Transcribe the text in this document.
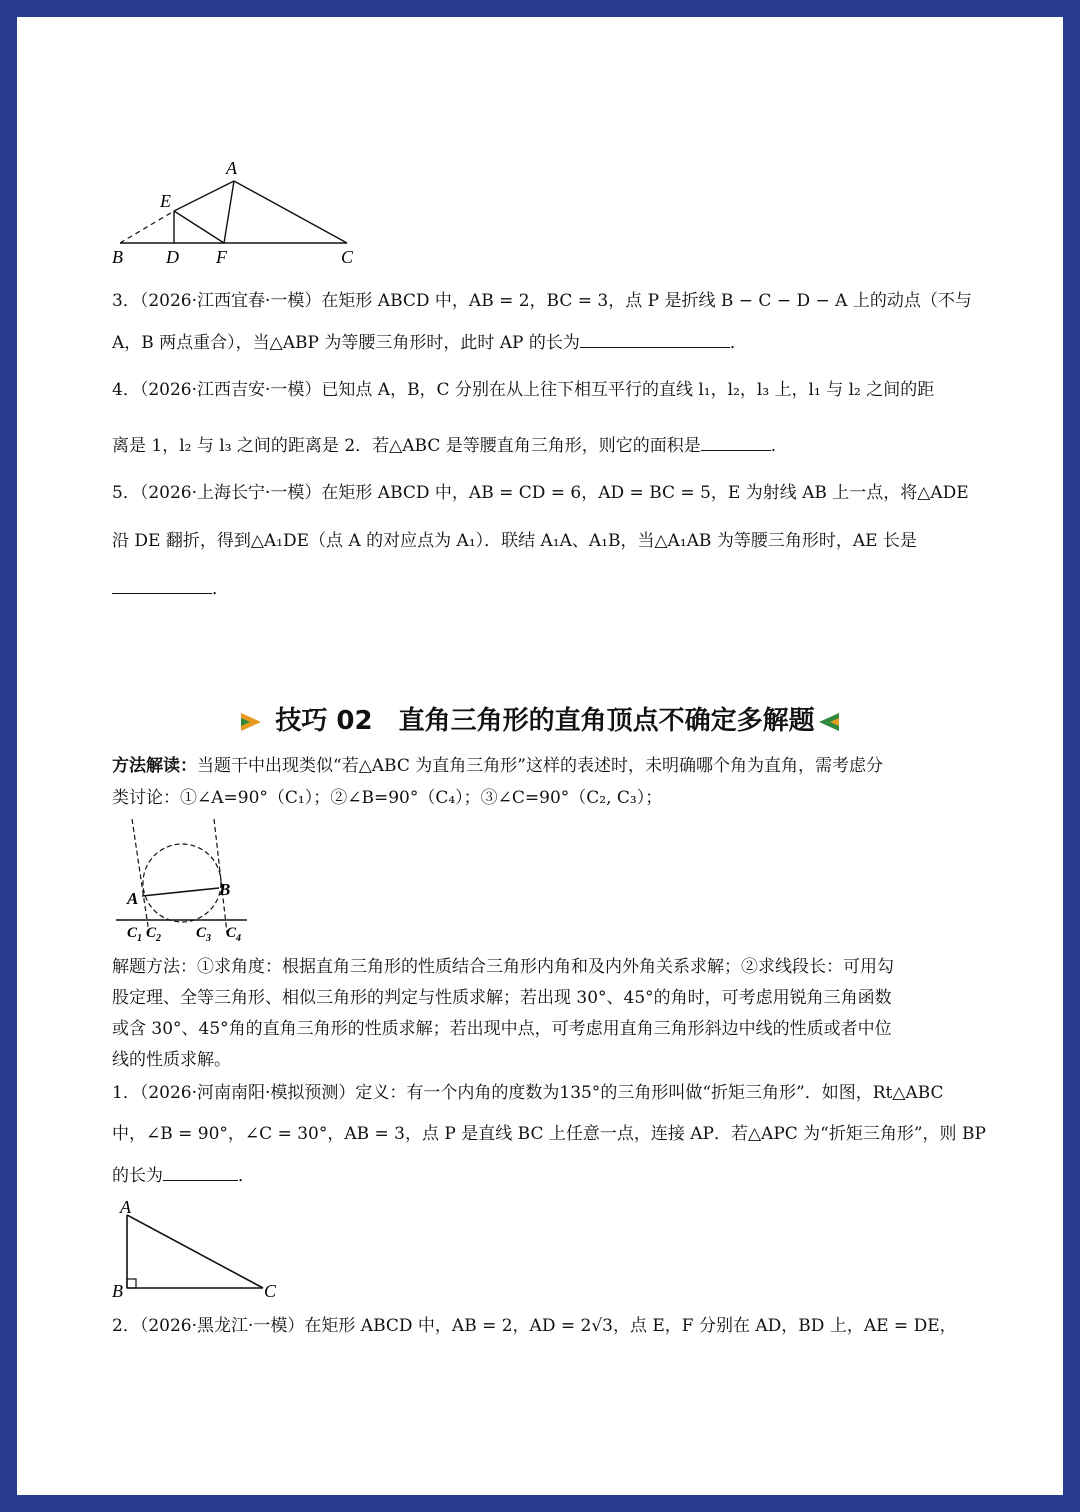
A
E
B D F	C
3．（2026·江西宜春·一模）在矩形 ABCD 中，AB = 2，BC = 3，点 P 是折线 B − C − D − A 上的动点（不与
A，B 两点重合），当△ABP 为等腰三角形时，此时 AP 的长为	．
4．（2026·江西吉安·一模）已知点 A，B，C 分别在从上往下相互平行的直线 l₁，l₂，l₃ 上，l₁ 与 l₂ 之间的距
离是 1，l₂ 与 l₃ 之间的距离是 2．若△ABC 是等腰直角三角形，则它的面积是	．
5．（2026·上海长宁·一模）在矩形 ABCD 中，AB = CD = 6，AD = BC = 5，E 为射线 AB 上一点，将△ADE
沿 DE 翻折，得到△A₁DE（点 A 的对应点为 A₁）．联结 A₁A、A₁B，当△A₁AB 为等腰三角形时，AE 长是
．
技巧 02　直角三角形的直角顶点不确定多解题
方法解读：当题干中出现类似“若△ABC 为直角三角形”这样的表述时，未明确哪个角为直角，需考虑分
类讨论：①∠A=90°（C₁）；②∠B=90°（C₄）；③∠C=90°（C₂, C₃）；
A	B
C 1 C 2 C 3 C 4
解题方法：①求角度：根据直角三角形的性质结合三角形内角和及内外角关系求解；②求线段长：可用勾
股定理、全等三角形、相似三角形的判定与性质求解；若出现 30°、45°的角时，可考虑用锐角三角函数
或含 30°、45°角的直角三角形的性质求解；若出现中点，可考虑用直角三角形斜边中线的性质或者中位
线的性质求解。
1．（2026·河南南阳·模拟预测）定义：有一个内角的度数为135°的三角形叫做“折矩三角形”．如图，Rt△ABC
中，∠B = 90°，∠C = 30°，AB = 3，点 P 是直线 BC 上任意一点，连接 AP．若△APC 为“折矩三角形”，则 BP
的长为	．
A
B	C
2．（2026·黑龙江·一模）在矩形 ABCD 中，AB = 2，AD = 2√3，点 E，F 分别在 AD，BD 上，AE = DE，
